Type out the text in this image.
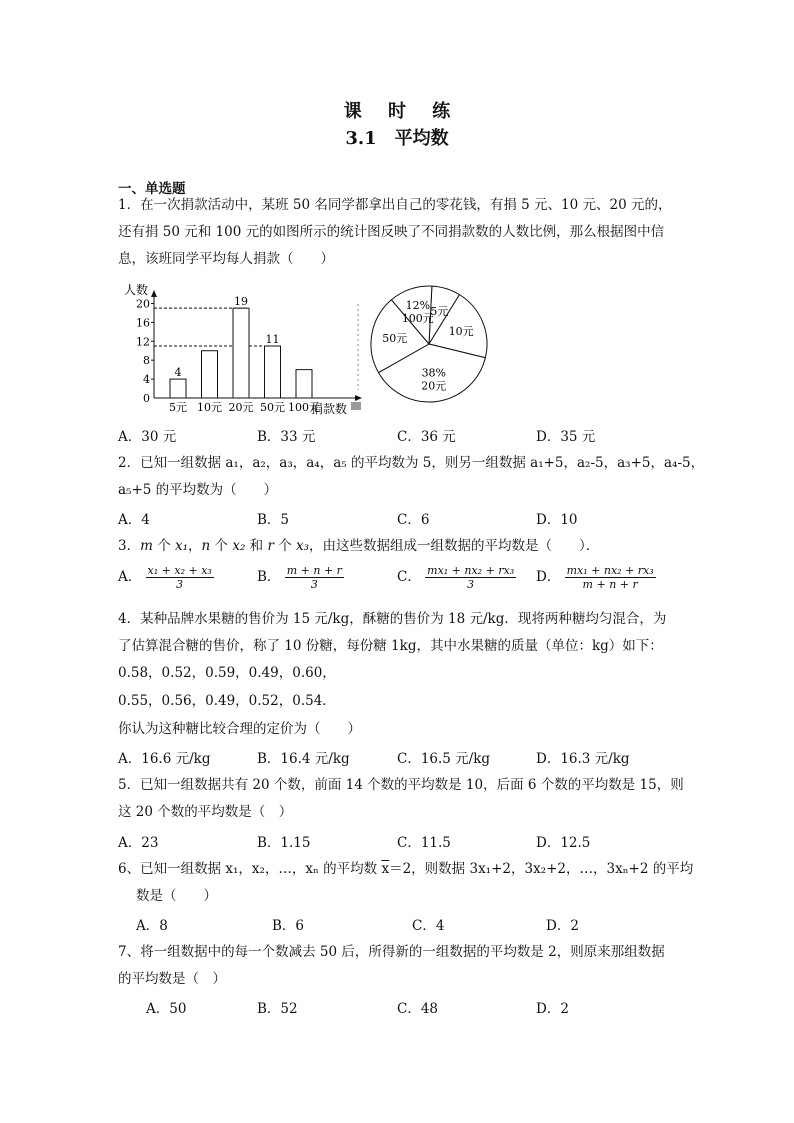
课 时 练
3.1　平均数
一、单选题
1．在一次捐款活动中，某班 50 名同学都拿出自己的零花钱，有捐 5 元、10 元、20 元的，
还有捐 50 元和 100 元的如图所示的统计图反映了不同捐款数的人数比例，那么根据图中信
息，该班同学平均每人捐款（　　）
人数
0
4
8
12
16
20
4
19
11
5元 10元 20元 50元 100元
捐款数
5元
10元
38%
20元
50元
12%
100元
A．30 元	B．33 元	C．36 元	D．35 元
2．已知一组数据 a₁，a₂，a₃，a₄，a₅ 的平均数为 5，则另一组数据 a₁+5，a₂-5，a₃+5，a₄-5，
a₅+5 的平均数为（　　）
A．4	B．5	C．6	D．10
3．m 个 x₁，n 个 x₂ 和 r 个 x₃，由这些数据组成一组数据的平均数是（　　）．
A． $\frac{\text{x₁ + x₂ + x₃}}{3}$	B． $\frac{m + n + r}{3}$	C． $\frac{\text{mx₁ + nx₂ + rx₃}}{3}$ D． $\frac{\text{mx₁ + nx₂ + rx₃}}{m + n + r}$
4．某种品牌水果糖的售价为 15 元/kg，酥糖的售价为 18 元/kg．现将两种糖均匀混合，为
了估算混合糖的售价，称了 10 份糖，每份糖 1kg，其中水果糖的质量（单位：kg）如下：
0.58，0.52，0.59，0.49，0.60，
0.55，0.56，0.49，0.52，0.54．
你认为这种糖比较合理的定价为（　　）
A．16.6 元/kg	B．16.4 元/kg	C．16.5 元/kg	D．16.3 元/kg
5．已知一组数据共有 20 个数，前面 14 个数的平均数是 10，后面 6 个数的平均数是 15，则
这 20 个数的平均数是（　）
A．23	B．1.15	C．11.5	D．12.5
6、已知一组数据 x₁，x₂，…，xₙ 的平均数 $\overline{x}=2$，则数据 3x₁+2，3x₂+2，…，3xₙ+2 的平均
数是（　　）
A．8	B．6	C．4	D．2
7、将一组数据中的每一个数减去 50 后，所得新的一组数据的平均数是 2，则原来那组数据
的平均数是（　）
A．50	B．52	C．48	D．2
